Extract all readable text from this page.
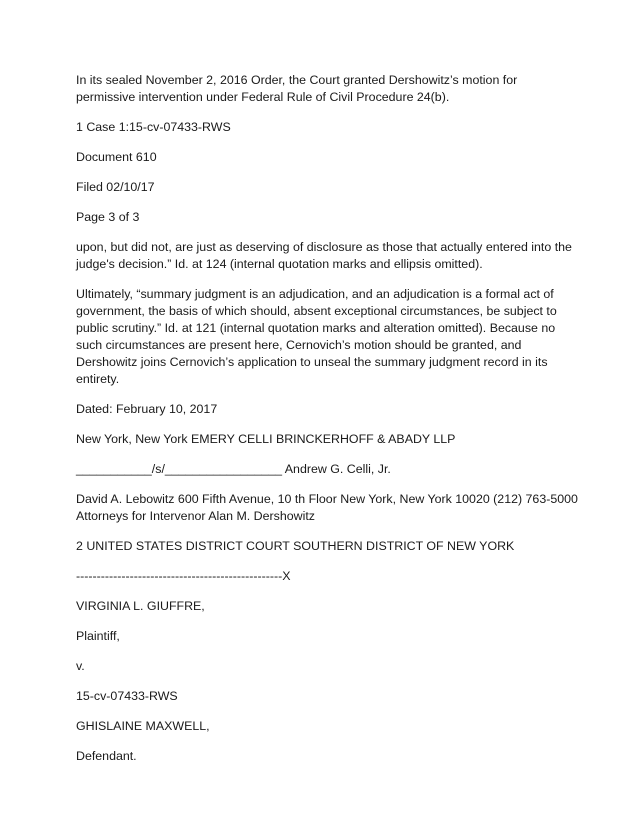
In its sealed November 2, 2016 Order, the Court granted Dershowitz’s motion for permissive intervention under Federal Rule of Civil Procedure 24(b).

1 Case 1:15-cv-07433-RWS

Document 610

Filed 02/10/17

Page 3 of 3

upon, but did not, are just as deserving of disclosure as those that actually entered into the judge's decision.” Id. at 124 (internal quotation marks and ellipsis omitted).

Ultimately, “summary judgment is an adjudication, and an adjudication is a formal act of government, the basis of which should, absent exceptional circumstances, be subject to public scrutiny.” Id. at 121 (internal quotation marks and alteration omitted). Because no such circumstances are present here, Cernovich’s motion should be granted, and Dershowitz joins Cernovich’s application to unseal the summary judgment record in its entirety.

Dated: February 10, 2017

New York, New York EMERY CELLI BRINCKERHOFF & ABADY LLP

___________/s/_________________ Andrew G. Celli, Jr.

David A. Lebowitz 600 Fifth Avenue, 10 th Floor New York, New York 10020 (212) 763-5000 Attorneys for Intervenor Alan M. Dershowitz

2 UNITED STATES DISTRICT COURT SOUTHERN DISTRICT OF NEW YORK

--------------------------------------------------X

VIRGINIA L. GIUFFRE,

Plaintiff,

v.

15-cv-07433-RWS

GHISLAINE MAXWELL,

Defendant.
